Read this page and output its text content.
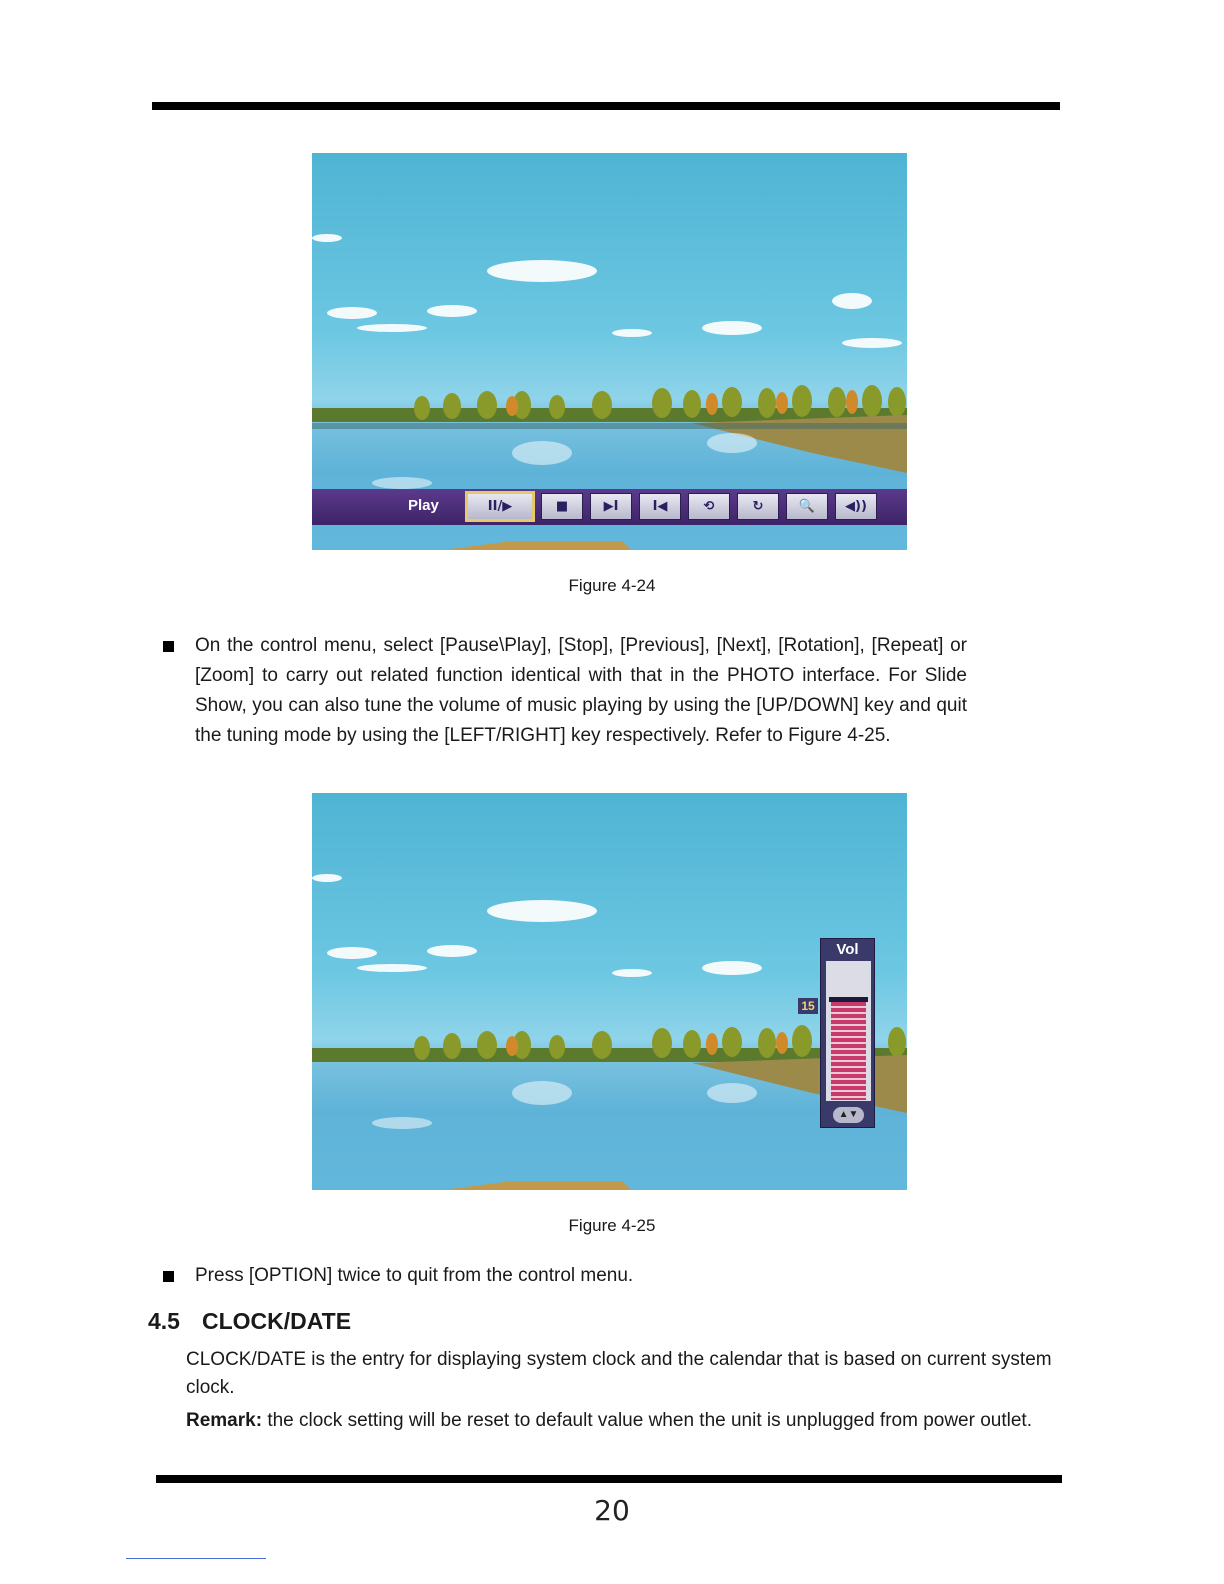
Play	II/▶	■	▶I	I◀	⟲	↻	🔍	◀))
Figure 4-24
On the control menu, select [Pause\Play], [Stop], [Previous], [Next], [Rotation], [Repeat] or [Zoom] to carry out related function identical with that in the PHOTO interface. For Slide Show, you can also tune the volume of music playing by using the [UP/DOWN] key and quit the tuning mode by using the [LEFT/RIGHT] key respectively. Refer to Figure 4-25.
15
Vol
▲▼
Figure 4-25
Press [OPTION] twice to quit from the control menu.
4.5 CLOCK/DATE
CLOCK/DATE is the entry for displaying system clock and the calendar that is based on current system clock.
Remark: the clock setting will be reset to default value when the unit is unplugged from power outlet.
20
